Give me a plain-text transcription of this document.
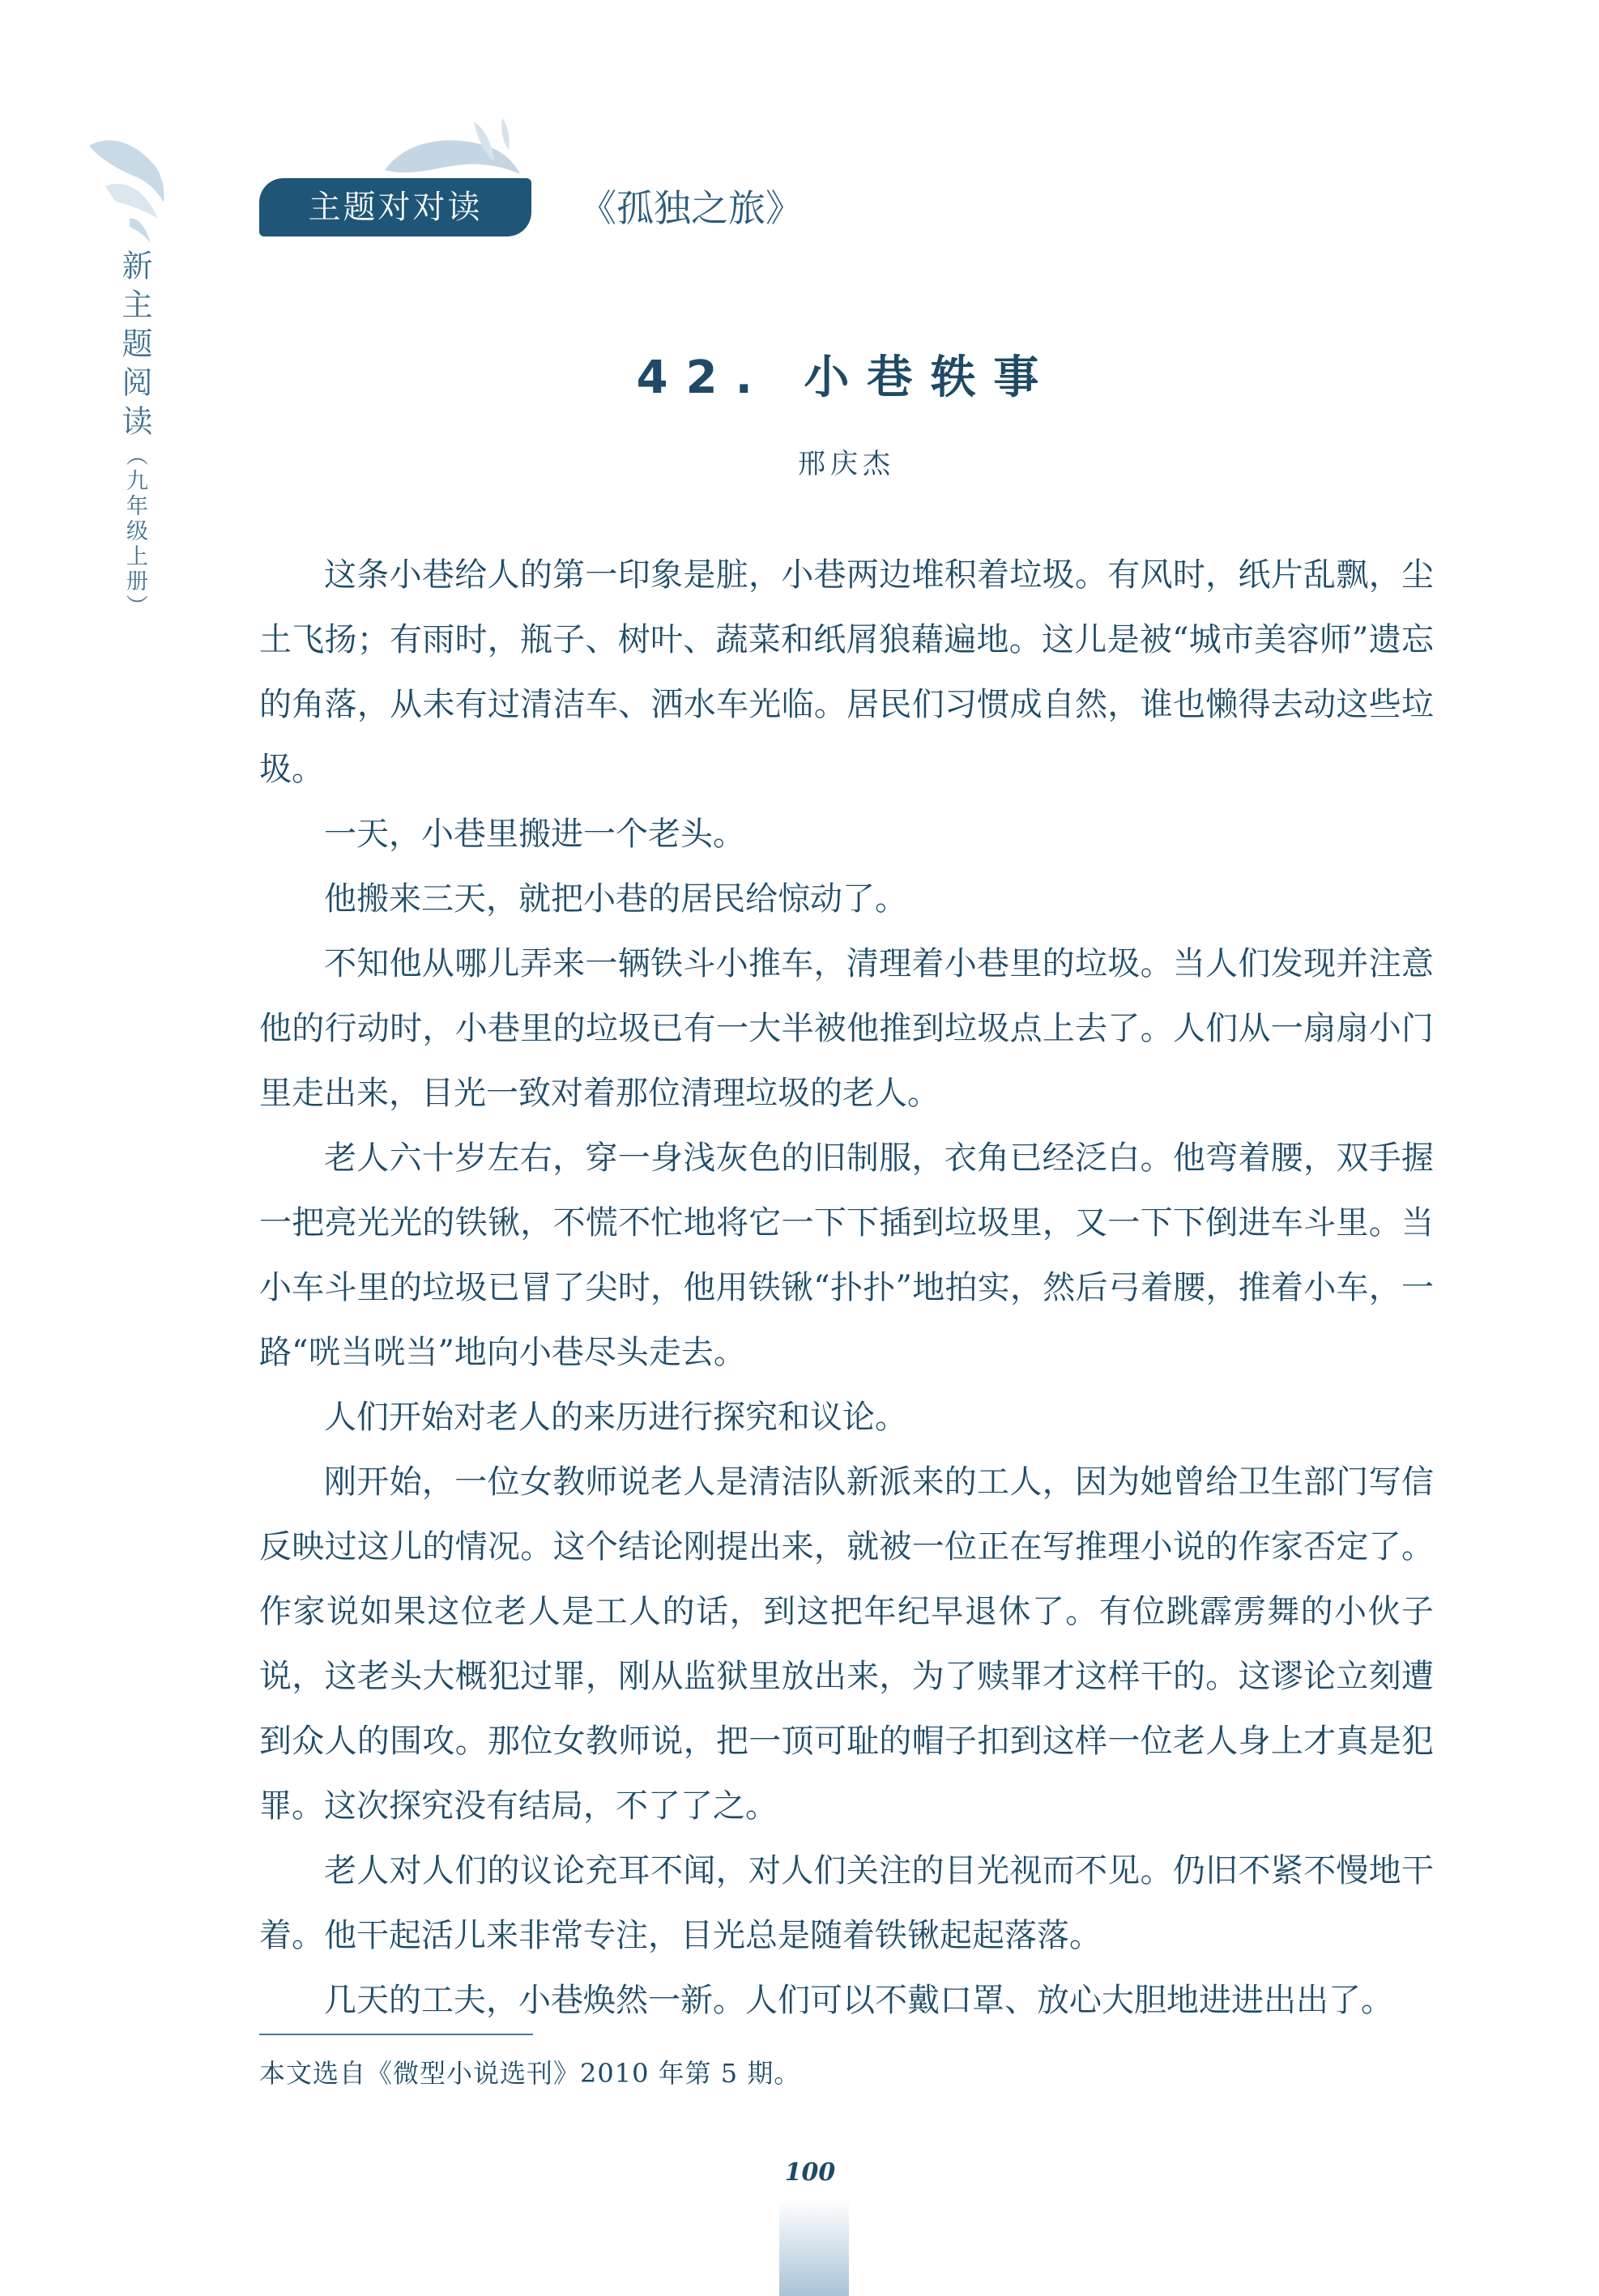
新主题阅读（九年级上册）
主题对对读	《孤独之旅》
42. 小巷轶事
邢庆杰

这条小巷给人的第一印象是脏，小巷两边堆积着垃圾。有风时，纸片乱飘，尘土飞扬；有雨时，瓶子、树叶、蔬菜和纸屑狼藉遍地。这儿是被“城市美容师”遗忘的角落，从未有过清洁车、洒水车光临。居民们习惯成自然，谁也懒得去动这些垃圾。

一天，小巷里搬进一个老头。

他搬来三天，就把小巷的居民给惊动了。

不知他从哪儿弄来一辆铁斗小推车，清理着小巷里的垃圾。当人们发现并注意他的行动时，小巷里的垃圾已有一大半被他推到垃圾点上去了。人们从一扇扇小门里走出来，目光一致对着那位清理垃圾的老人。

老人六十岁左右，穿一身浅灰色的旧制服，衣角已经泛白。他弯着腰，双手握一把亮光光的铁锹，不慌不忙地将它一下下插到垃圾里，又一下下倒进车斗里。当小车斗里的垃圾已冒了尖时，他用铁锹“扑扑”地拍实，然后弓着腰，推着小车，一路“咣当咣当”地向小巷尽头走去。

人们开始对老人的来历进行探究和议论。

刚开始，一位女教师说老人是清洁队新派来的工人，因为她曾给卫生部门写信反映过这儿的情况。这个结论刚提出来，就被一位正在写推理小说的作家否定了。作家说如果这位老人是工人的话，到这把年纪早退休了。有位跳霹雳舞的小伙子说，这老头大概犯过罪，刚从监狱里放出来，为了赎罪才这样干的。这谬论立刻遭到众人的围攻。那位女教师说，把一顶可耻的帽子扣到这样一位老人身上才真是犯罪。这次探究没有结局，不了了之。

老人对人们的议论充耳不闻，对人们关注的目光视而不见。仍旧不紧不慢地干着。他干起活儿来非常专注，目光总是随着铁锹起起落落。

几天的工夫，小巷焕然一新。人们可以不戴口罩、放心大胆地进进出出了。

本文选自《微型小说选刊》2010 年第 5 期。
100
